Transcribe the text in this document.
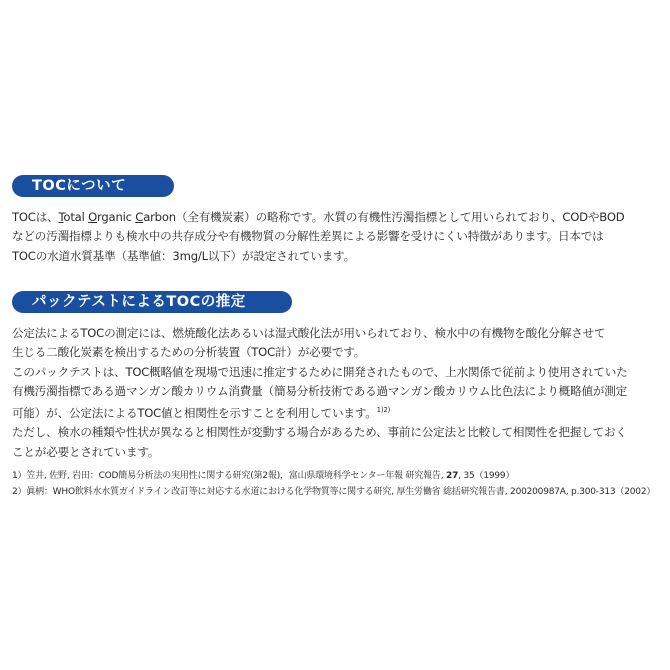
TOCについて

TOCは、Total Organic Carbon（全有機炭素）の略称です。水質の有機性汚濁指標として用いられており、CODやBOD

などの汚濁指標よりも検水中の共存成分や有機物質の分解性差異による影響を受けにくい特徴があります。日本では

TOCの水道水質基準（基準値：3mg/L以下）が設定されています。

パックテストによるTOCの推定

公定法によるTOCの測定には、燃焼酸化法あるいは湿式酸化法が用いられており、検水中の有機物を酸化分解させて

生じる二酸化炭素を検出するための分析装置（TOC計）が必要です。

このパックテストは、TOC概略値を現場で迅速に推定するために開発されたもので、上水関係で従前より使用されていた

有機汚濁指標である過マンガン酸カリウム消費量（簡易分析技術である過マンガン酸カリウム比色法により概略値が測定

可能）が、公定法によるTOC値と相関性を示すことを利用しています。$^{1)2)}$

ただし、検水の種類や性状が異なると相関性が変動する場合があるため、事前に公定法と比較して相関性を把握しておく

ことが必要とされています。

1）笠井, 佐野, 岩田：COD簡易分析法の実用性に関する研究(第2報)，富山県環境科学センター年報 研究報告, 27, 35（1999）
2）眞柄：WHO飲料水水質ガイドライン改訂等に対応する水道における化学物質等に関する研究, 厚生労働省 総括研究報告書, 200200987A, p.300-313（2002）
